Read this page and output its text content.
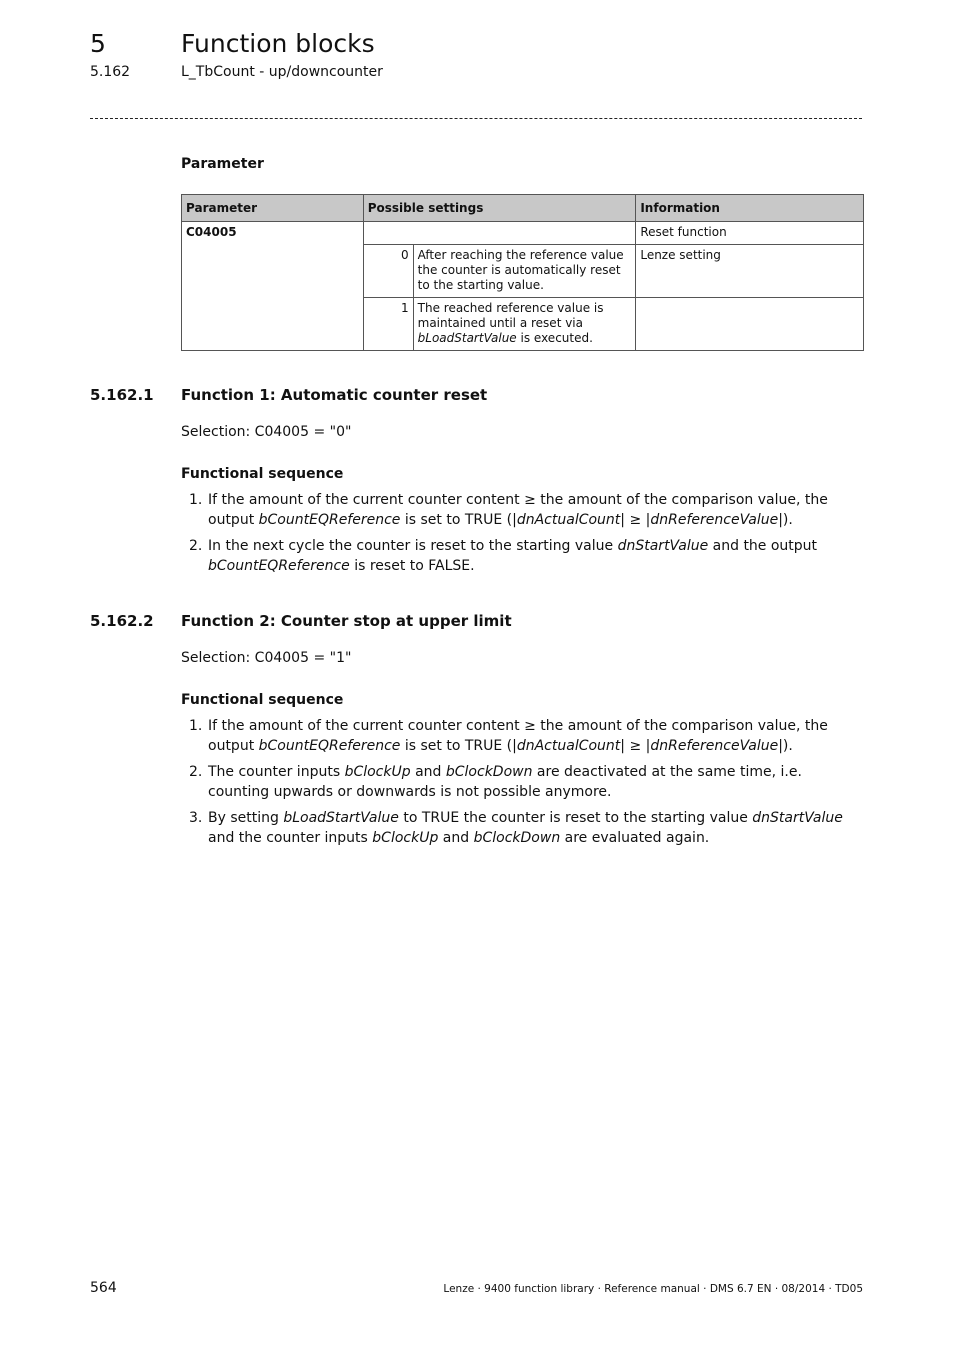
5	Function blocks
5.162	L_TbCount - up/downcounter
Parameter
Parameter	Possible settings		Information
C04005			Reset function
	0	After reaching the reference value the counter is automatically reset to the starting value.	Lenze setting
	1	The reached reference value is maintained until a reset via bLoadStartValue is executed.	
5.162.1 Function 1: Automatic counter reset
Selection: C04005 = "0"
Functional sequence
1. If the amount of the current counter content ≥ the amount of the comparison value, the output bCountEQReference is set to TRUE (|dnActualCount| ≥ |dnReferenceValue|).
2. In the next cycle the counter is reset to the starting value dnStartValue and the output bCountEQReference is reset to FALSE.
5.162.2 Function 2: Counter stop at upper limit
Selection: C04005 = "1"
Functional sequence
1. If the amount of the current counter content ≥ the amount of the comparison value, the output bCountEQReference is set to TRUE (|dnActualCount| ≥ |dnReferenceValue|).
2. The counter inputs bClockUp and bClockDown are deactivated at the same time, i.e. counting upwards or downwards is not possible anymore.
3. By setting bLoadStartValue to TRUE the counter is reset to the starting value dnStartValue and the counter inputs bClockUp and bClockDown are evaluated again.
564	Lenze · 9400 function library · Reference manual · DMS 6.7 EN · 08/2014 · TD05
